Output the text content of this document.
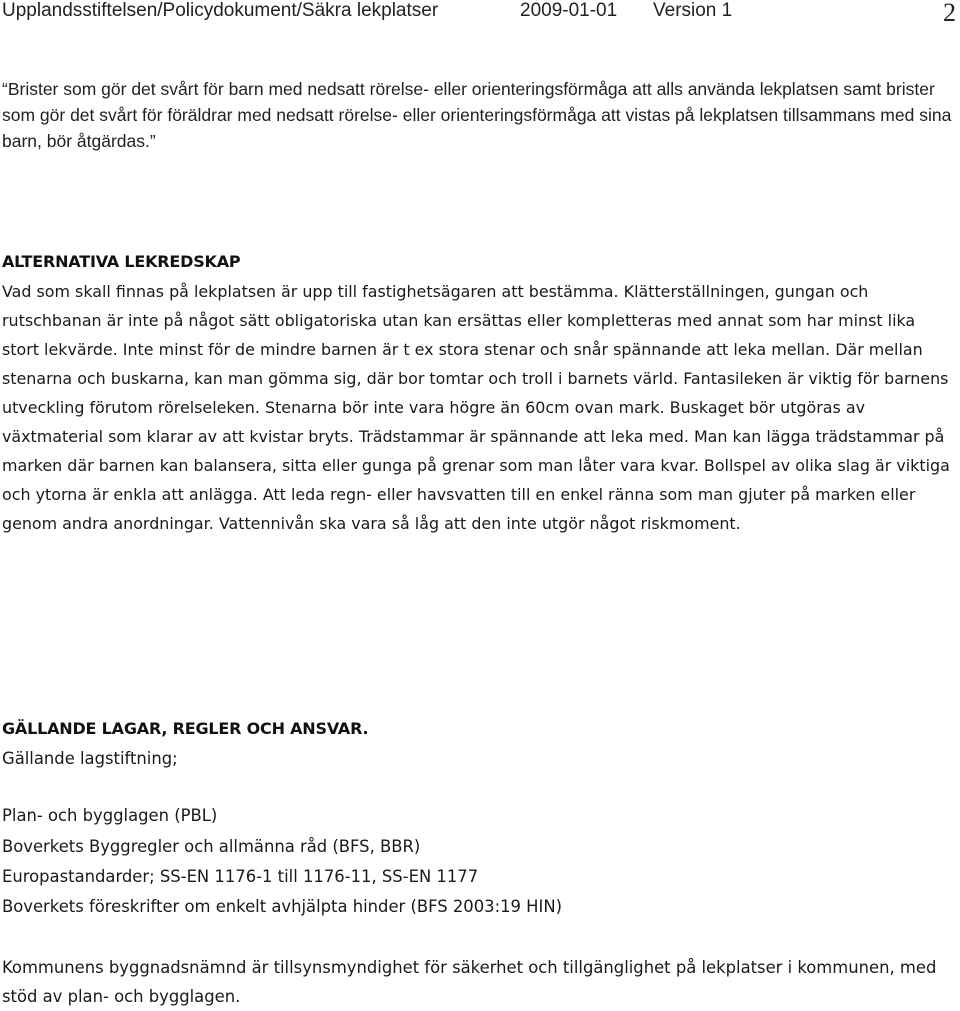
Upplandsstiftelsen/Policydokument/Säkra lekplatser	2009-01-01 Version 1	2

“Brister som gör det svårt för barn med nedsatt rörelse- eller orienteringsförmåga att alls använda lekplatsen samt brister som gör det svårt för föräldrar med nedsatt rörelse- eller orienteringsförmåga att vistas på lekplatsen tillsammans med sina barn, bör åtgärdas.”

ALTERNATIVA LEKREDSKAP

Vad som skall finnas på lekplatsen är upp till fastighetsägaren att bestämma. Klätterställningen, gungan och rutschbanan är inte på något sätt obligatoriska utan kan ersättas eller kompletteras med annat som har minst lika stort lekvärde. Inte minst för de mindre barnen är t ex stora stenar och snår spännande att leka mellan. Där mellan stenarna och buskarna, kan man gömma sig, där bor tomtar och troll i barnets värld. Fantasileken är viktig för barnens utveckling förutom rörelseleken. Stenarna bör inte vara högre än 60cm ovan mark. Buskaget bör utgöras av växtmaterial som klarar av att kvistar bryts. Trädstammar är spännande att leka med. Man kan lägga trädstammar på marken där barnen kan balansera, sitta eller gunga på grenar som man låter vara kvar. Bollspel av olika slag är viktiga och ytorna är enkla att anlägga. Att leda regn- eller havsvatten till en enkel ränna som man gjuter på marken eller genom andra anordningar. Vattennivån ska vara så låg att den inte utgör något riskmoment.

GÄLLANDE LAGAR, REGLER OCH ANSVAR.

Gällande lagstiftning;

Plan- och bygglagen (PBL)

Boverkets Byggregler och allmänna råd (BFS, BBR)

Europastandarder; SS-EN 1176-1 till 1176-11, SS-EN 1177

Boverkets föreskrifter om enkelt avhjälpta hinder (BFS 2003:19 HIN)

Kommunens byggnadsnämnd är tillsynsmyndighet för säkerhet och tillgänglighet på lekplatser i kommunen, med stöd av plan- och bygglagen.
